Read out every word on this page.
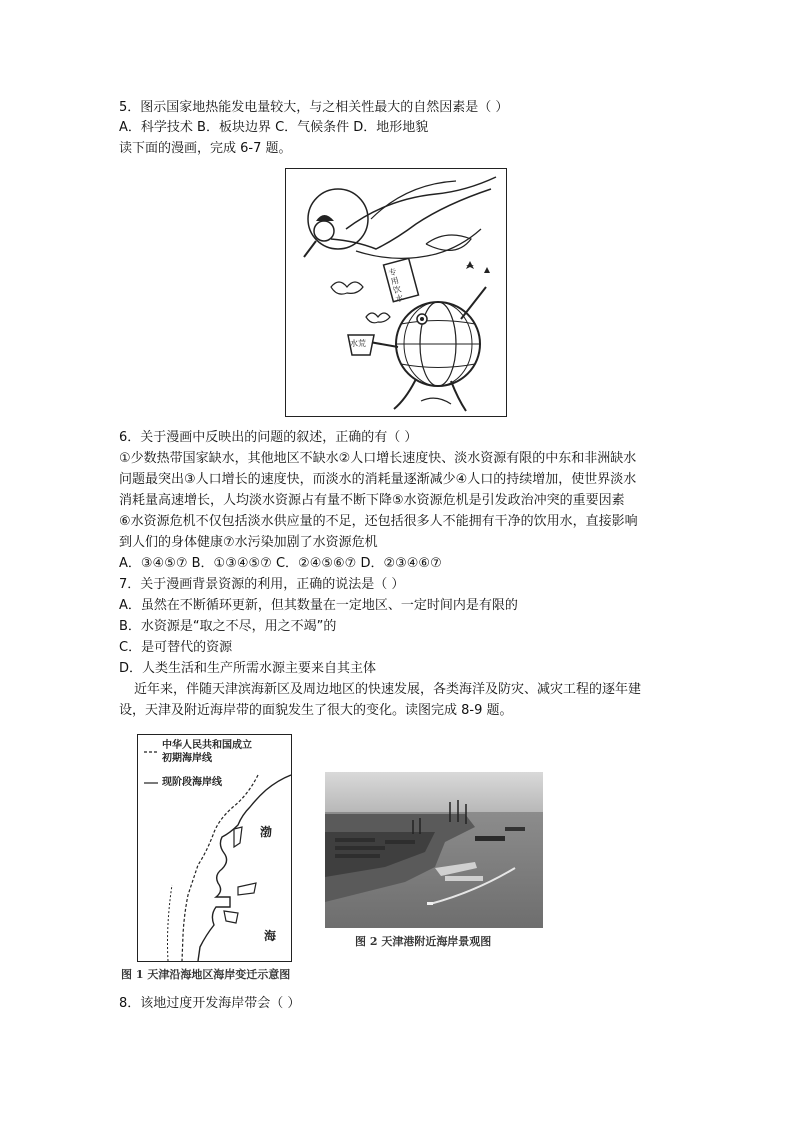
5．图示国家地热能发电量较大，与之相关性最大的自然因素是（ ）
A．科学技术 B．板块边界 C．气候条件 D．地形地貌
读下面的漫画，完成 6-7 题。
专用饮水
水荒
6．关于漫画中反映出的问题的叙述，正确的有（ ）
①少数热带国家缺水，其他地区不缺水②人口增长速度快、淡水资源有限的中东和非洲缺水
问题最突出③人口增长的速度快，而淡水的消耗量逐渐减少④人口的持续增加，使世界淡水
消耗量高速增长，人均淡水资源占有量不断下降⑤水资源危机是引发政治冲突的重要因素
⑥水资源危机不仅包括淡水供应量的不足，还包括很多人不能拥有干净的饮用水，直接影响
到人们的身体健康⑦水污染加剧了水资源危机
A．③④⑤⑦ B．①③④⑤⑦ C．②④⑤⑥⑦ D．②③④⑥⑦
7．关于漫画背景资源的利用，正确的说法是（ ）
A．虽然在不断循环更新，但其数量在一定地区、一定时间内是有限的
B．水资源是“取之不尽，用之不竭”的
C．是可替代的资源
D．人类生活和生产所需水源主要来自其主体
近年来，伴随天津滨海新区及周边地区的快速发展，各类海洋及防灾、减灾工程的逐年建
设，天津及附近海岸带的面貌发生了很大的变化。读图完成 8-9 题。
中华人民共和国成立
初期海岸线
现阶段海岸线
渤
海
图 1 天津沿海地区海岸变迁示意图
图 2 天津港附近海岸景观图
8．该地过度开发海岸带会（ ）
